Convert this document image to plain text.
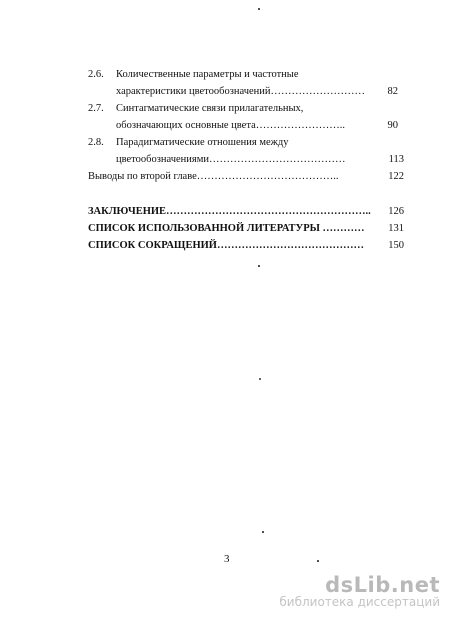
2.6. Количественные параметры и частотные
характеристики цветообозначений………………………	82
2.7. Синтагматические связи прилагательных,
обозначающих основные цвета……………………..	90
2.8. Парадигматические отношения между
цветообозначениями…………………………………	113
Выводы по второй главе…………………………………..	122
ЗАКЛЮЧЕНИЕ…………………………………………………..	126
СПИСОК ИСПОЛЬЗОВАННОЙ ЛИТЕРАТУРЫ …………	131
СПИСОК СОКРАЩЕНИЙ……………………………………	150
3
dsLib.net
библиотека диссертаций
